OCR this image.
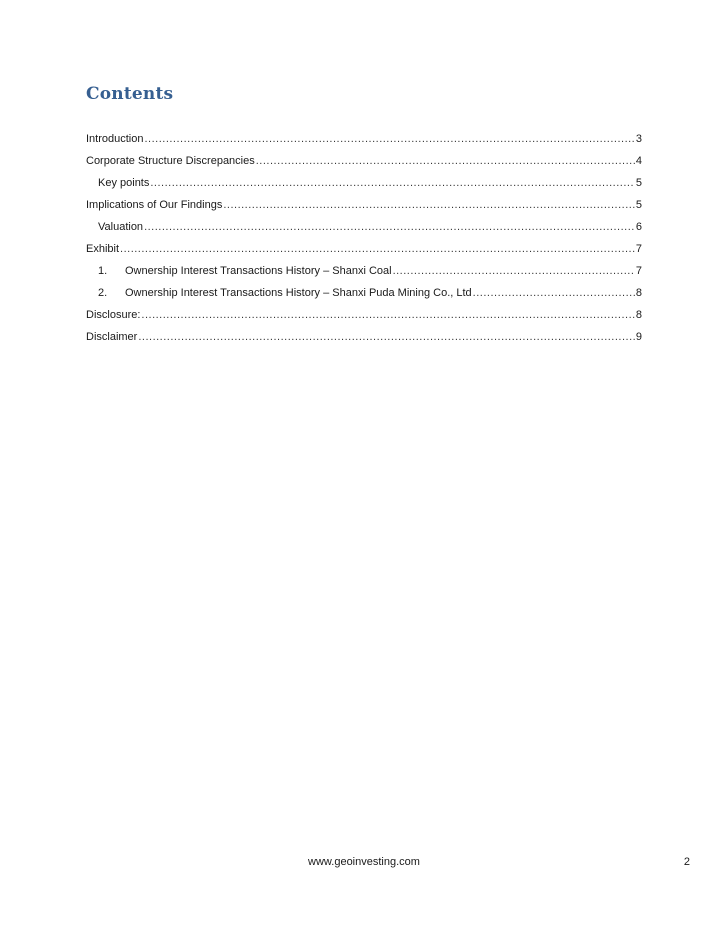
Contents
Introduction .....	3
Corporate Structure Discrepancies .....	4
Key points .....	5
Implications of Our Findings .....	5
Valuation .....	6
Exhibit .....	7
1.	Ownership Interest Transactions History – Shanxi Coal .....	7
2.	Ownership Interest Transactions History – Shanxi Puda Mining Co., Ltd .....	8
Disclosure: .....	8
Disclaimer .....	9

www.geoinvesting.com	2
